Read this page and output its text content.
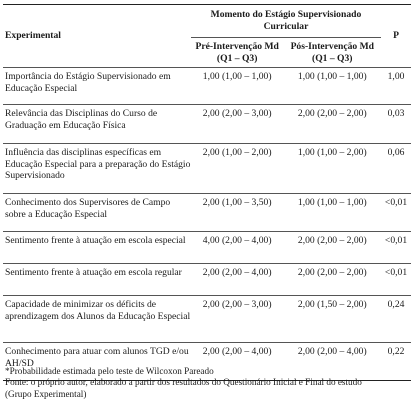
Experimental	Momento do Estágio Supervisionado Curricular		P
	Pré-Intervenção Md (Q1 – Q3)	Pós-Intervenção Md (Q1 – Q3)	
Importância do Estágio Supervisionado em Educação Especial	1,00 (1,00 – 1,00)	1,00 (1,00 – 1,00)	1,00
Relevância das Disciplinas do Curso de Graduação em Educação Física	2,00 (2,00 – 3,00)	2,00 (2,00 – 2,00)	0,03
Influência das disciplinas específicas em Educação Especial para a preparação do Estágio Supervisionado	2,00 (1,00 – 2,00)	1,00 (1,00 – 2,00)	0,06
Conhecimento dos Supervisores de Campo sobre a Educação Especial	2,00 (1,00 – 3,50)	1,00 (1,00 – 1,00)	<0,01
Sentimento frente à atuação em escola especial	4,00 (2,00 – 4,00)	2,00 (2,00 – 2,00)	<0,01
Sentimento frente à atuação em escola regular	2,00 (2,00 – 4,00)	2,00 (2,00 – 2,00)	<0,01
Capacidade de minimizar os déficits de aprendizagem dos Alunos da Educação Especial	2,00 (2,00 – 3,00)	2,00 (1,50 – 2,00)	0,24
Conhecimento para atuar com alunos TGD e/ou AH/SD	2,00 (2,00 – 4,00)	2,00 (2,00 – 4,00)	0,22
*Probabilidade estimada pelo teste de Wilcoxon Pareado
Fonte: o próprio autor, elaborado a partir dos resultados do Questionário Inicial e Final do estudo
(Grupo Experimental)
